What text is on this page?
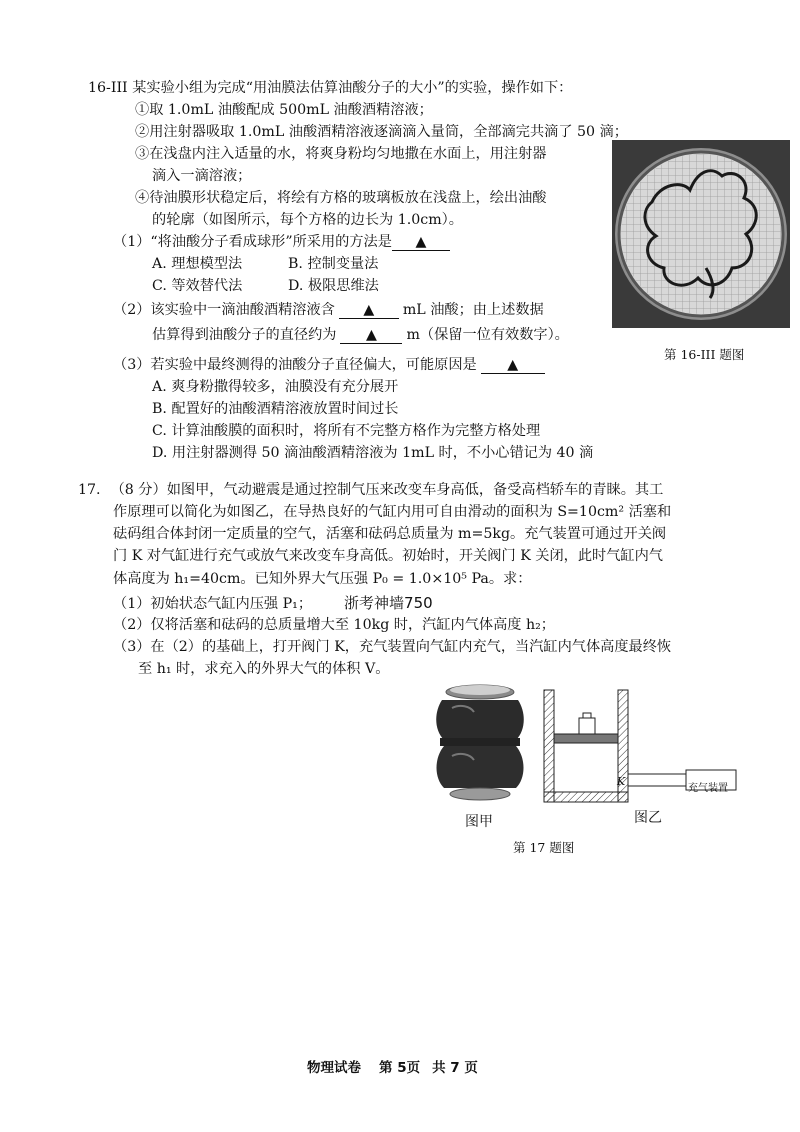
16-III 某实验小组为完成“用油膜法估算油酸分子的大小”的实验，操作如下：
①取 1.0mL 油酸配成 500mL 油酸酒精溶液；
②用注射器吸取 1.0mL 油酸酒精溶液逐滴滴入量筒，全部滴完共滴了 50 滴；
③在浅盘内注入适量的水，将爽身粉均匀地撒在水面上，用注射器
滴入一滴溶液；
④待油膜形状稳定后，将绘有方格的玻璃板放在浅盘上，绘出油酸
的轮廓（如图所示，每个方格的边长为 1.0cm）。
（1）“将油酸分子看成球形”所采用的方法是 ▲
A. 理想模型法	B. 控制变量法
C. 等效替代法	D. 极限思维法
（2）该实验中一滴油酸酒精溶液含 ▲ mL 油酸；由上述数据
估算得到油酸分子的直径约为 ▲ m（保留一位有效数字）。
（3）若实验中最终测得的油酸分子直径偏大，可能原因是 ▲
A. 爽身粉撒得较多，油膜没有充分展开
B. 配置好的油酸酒精溶液放置时间过长
C. 计算油酸膜的面积时，将所有不完整方格作为完整方格处理
D. 用注射器测得 50 滴油酸酒精溶液为 1mL 时，不小心错记为 40 滴
第 16-III 题图
17. （8 分）如图甲，气动避震是通过控制气压来改变车身高低，备受高档轿车的青睐。其工
作原理可以简化为如图乙，在导热良好的气缸内用可自由滑动的面积为 S=10cm² 活塞和
砝码组合体封闭一定质量的空气，活塞和砝码总质量为 m=5kg。充气装置可通过开关阀
门 K 对气缸进行充气或放气来改变车身高低。初始时，开关阀门 K 关闭，此时气缸内气
体高度为 h₁=40cm。已知外界大气压强 P₀ = 1.0×10⁵ Pa。求：
（1）初始状态气缸内压强 P₁； 浙考神墙750
（2）仅将活塞和砝码的总质量增大至 10kg 时，汽缸内气体高度 h₂；
（3）在（2）的基础上，打开阀门 K，充气装置向气缸内充气，当汽缸内气体高度最终恢
至 h₁ 时，求充入的外界大气的体积 V。
图甲
K
充气装置
图乙
第 17 题图
物理试卷 第 5页 共 7 页
